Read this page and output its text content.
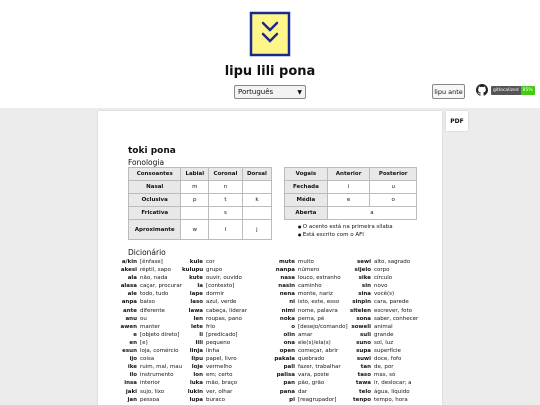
lipu lili pona
Português	▼	lipu ante	gitlocalized 85%
PDF
toki pona
Fonologia
Consoantes	Labial	Coronal	Dorsal
Nasal	m	n	
Oclusiva	p	t	k
Fricativa		s	
Aproximante	w	l	j
Vogais	Anterior	Posterior
Fechada	i	u
Média	e	o
Aberta	a	
● O acento está na primeira sílaba
● Está escrito com o AFI
Dicionário
a/kin [ênfase]
akesi réptil, sapo
ala não, nada
alasa caçar, procurar
ale todo, tudo
anpa baixo
ante diferente
anu ou
awen manter
e [objeto direto]
en [e]
esun loja, comércio
ijo coisa
ike ruim, mal, mau
ilo instrumento
insa interior
jaki sujo, lixo
jan pessoa
kule cor
kulupu grupo
kute ouvir, ouvido
la [contexto]
lape dormir
laso azul, verde
lawa cabeça, liderar
len roupas, pano
lete frio
li [predicado]
lili pequeno
linja linha
lipu papel, livro
loje vermelho
lon em; certo
luka mão, braço
lukin ver, olhar
lupa buraco
mute muito
nanpa número
nasa louco, estranho
nasin caminho
nena monte, nariz
ni isto, este, esso
nimi nome, palavra
noka perna, pé
o [desejo/comando]
olin amar
ona ele(s)/ela(s)
open começar, abrir
pakala quebrado
pali fazer, trabalhar
palisa vara, poste
pan pão, grão
pana dar
pi [reagrupador]
sewi alto, sagrado
sijelo corpo
sike círculo
sin novo
sina você(s)
sinpin cara, parede
sitelen escrever, foto
sona saber, conhecer
soweli animal
suli grande
suno sol, luz
supa superfície
suwi doce, fofo
tan de, por
taso mas, só
tawa ir, deslocar; a
telo água, líquido
tenpo tempo, hora
